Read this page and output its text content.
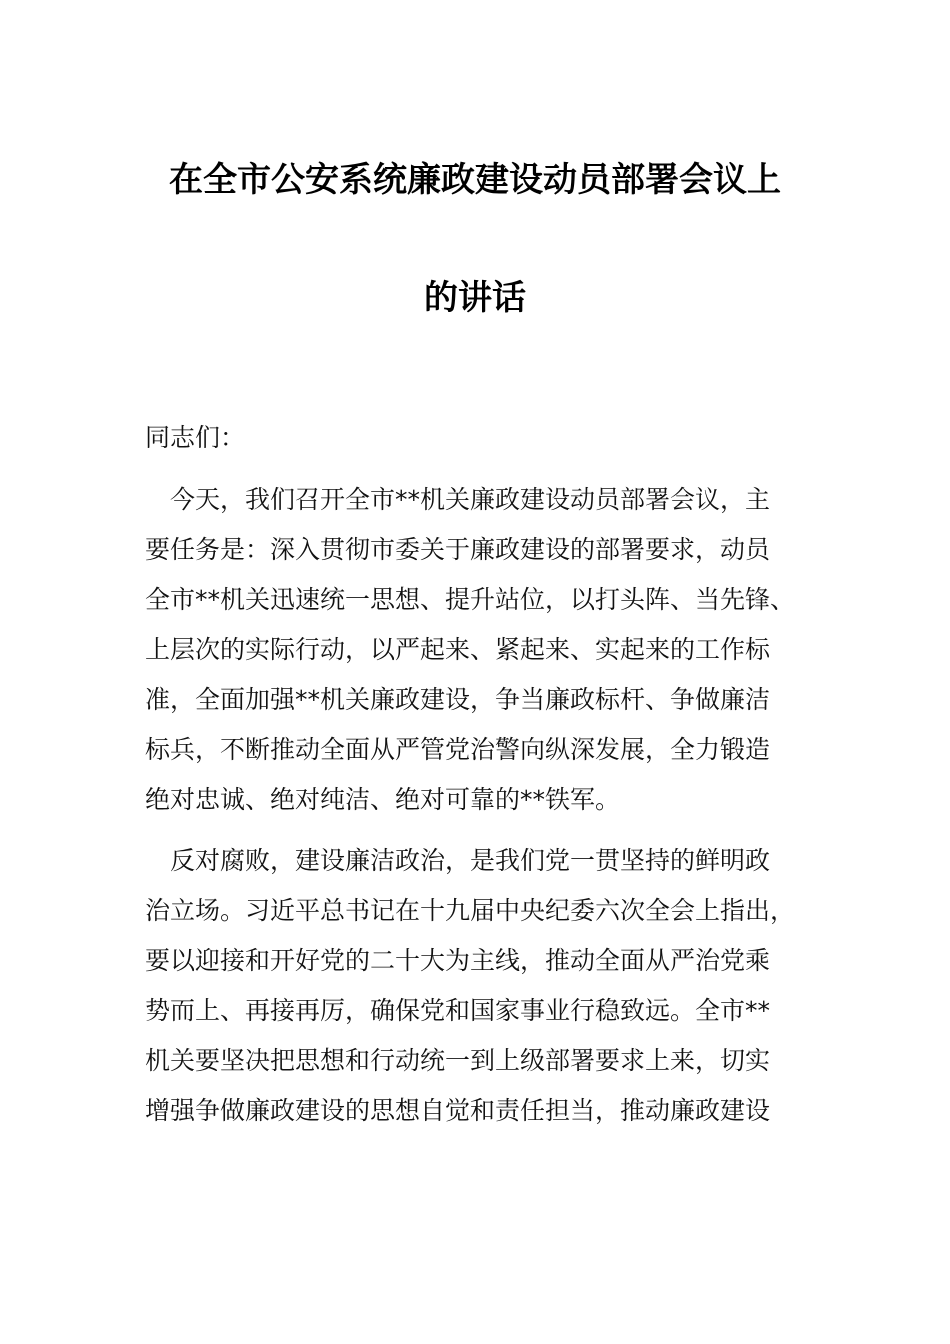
在全市公安系统廉政建设动员部署会议上
的讲话
同志们：
　今天，我们召开全市**机关廉政建设动员部署会议，主
要任务是：深入贯彻市委关于廉政建设的部署要求，动员
全市**机关迅速统一思想、提升站位，以打头阵、当先锋、
上层次的实际行动，以严起来、紧起来、实起来的工作标
准，全面加强**机关廉政建设，争当廉政标杆、争做廉洁
标兵，不断推动全面从严管党治警向纵深发展，全力锻造
绝对忠诚、绝对纯洁、绝对可靠的**铁军。
　反对腐败，建设廉洁政治，是我们党一贯坚持的鲜明政
治立场。习近平总书记在十九届中央纪委六次全会上指出，
要以迎接和开好党的二十大为主线，推动全面从严治党乘
势而上、再接再厉，确保党和国家事业行稳致远。全市**
机关要坚决把思想和行动统一到上级部署要求上来，切实
增强争做廉政建设的思想自觉和责任担当，推动廉政建设
